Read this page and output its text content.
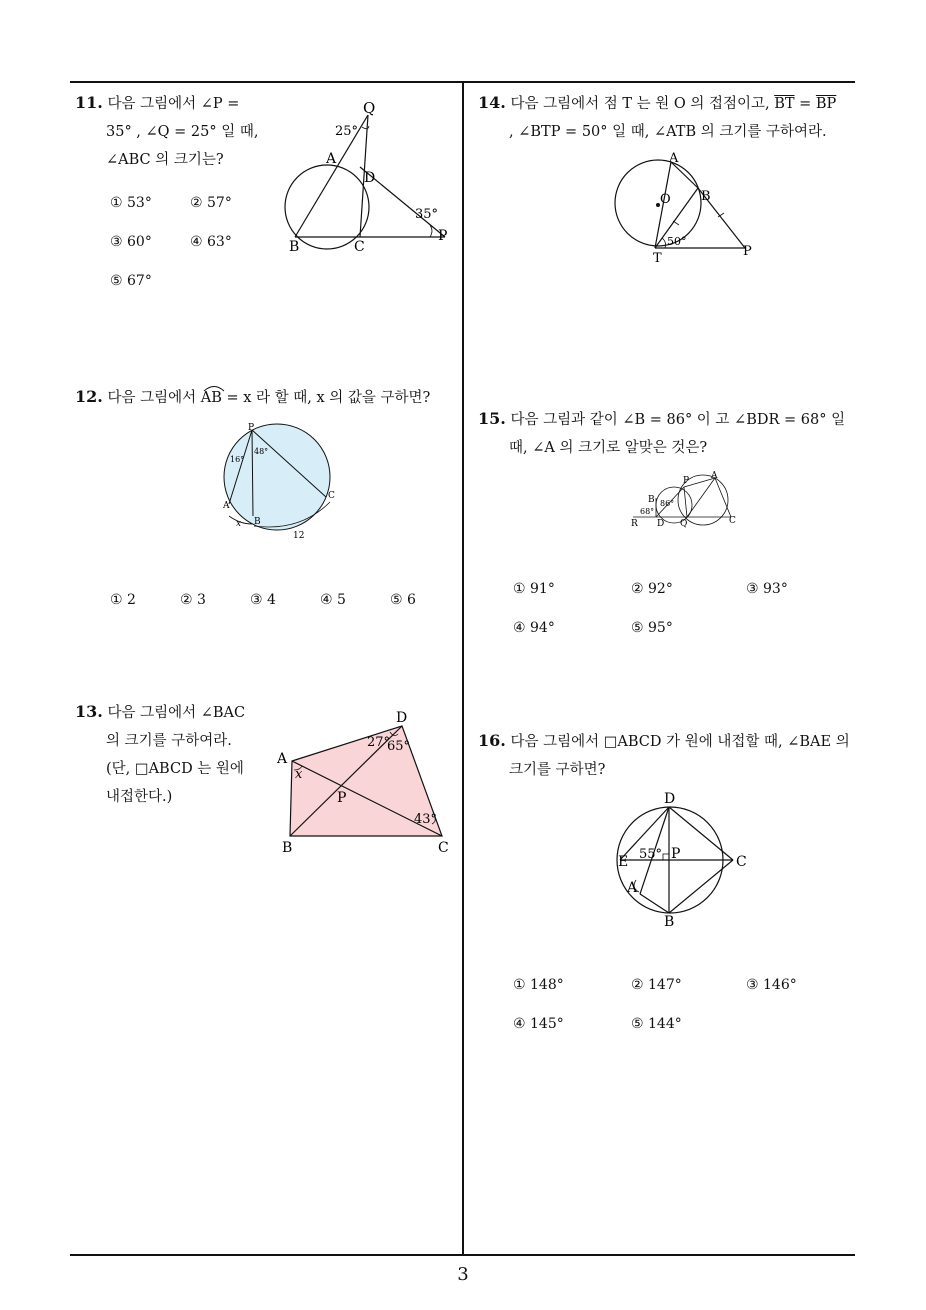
11. 다음 그림에서 ∠P =
35° , ∠Q = 25° 일 때,
∠ABC 의 크기는?
① 53°	② 57°
③ 60°	④ 63°
⑤ 67°
Q
25°
A
D
35°
P
B	C
12. 다음 그림에서 AB = x 라 할 때, x 의 값을 구하면?
P
16°
48°
A
B
C
x
12
① 2	② 3	③ 4	④ 5	⑤ 6
13. 다음 그림에서 ∠BAC
의 크기를 구하여라.
(단, □ABCD 는 원에
내접한다.)
D
27°
65°
A
x
P
43°
B	C
14. 다음 그림에서 점 T 는 원 O 의 접점이고, $\overline{BT} = \overline{BP}$
, ∠BTP = 50° 일 때, ∠ATB 의 크기를 구하여라.
A
O B
50°
T	P
15. 다음 그림과 같이 ∠B = 86° 이 고 ∠BDR = 68° 일
때, ∠A 의 크기로 알맞은 것은?
P A
B 86°
68°
R D Q	C
① 91°	② 92°	③ 93°
④ 94°	⑤ 95°
16. 다음 그림에서 □ABCD 가 원에 내접할 때, ∠BAE 의
크기를 구하면?
D
E 55° P	C
A
B
① 148°	② 147°	③ 146°
④ 145°	⑤ 144°
3
